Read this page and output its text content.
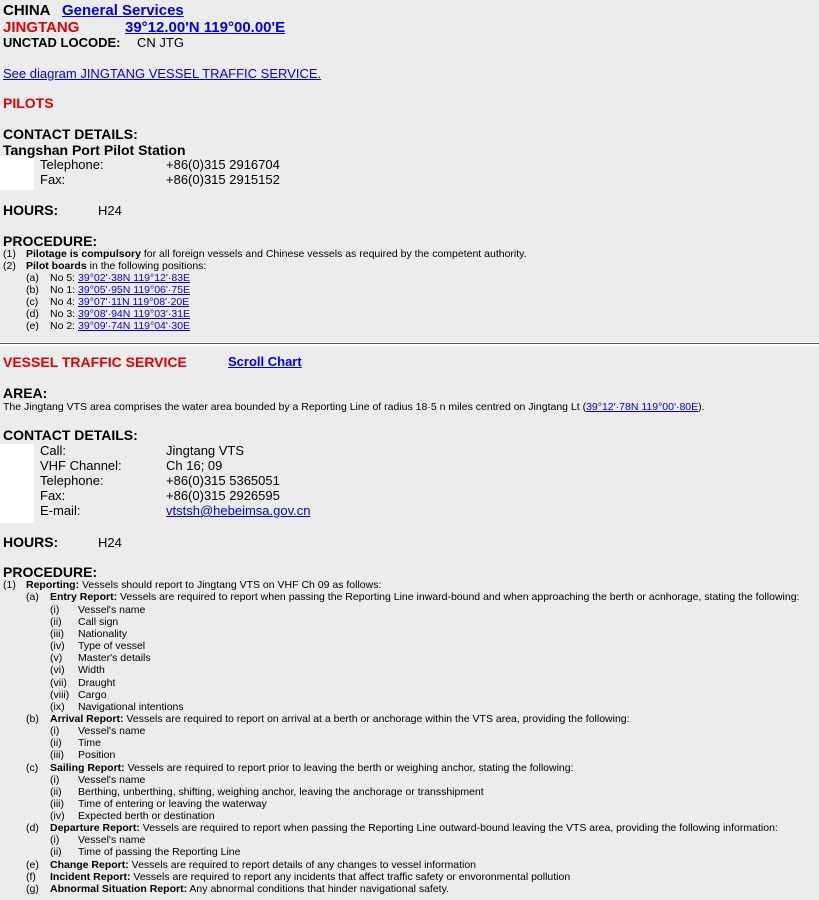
CHINA General Services
JINGTANG	39°12.00'N 119°00.00'E
UNCTAD LOCODE: CN JTG
See diagram JINGTANG VESSEL TRAFFIC SERVICE.
PILOTS
CONTACT DETAILS:
Tangshan Port Pilot Station
Telephone:	+86(0)315 2916704
Fax:	+86(0)315 2915152
HOURS:	H24
PROCEDURE:
(1) Pilotage is compulsory for all foreign vessels and Chinese vessels as required by the competent authority.
(2) Pilot boards in the following positions:
(a) No 5: 39°02'·38N 119°12'·83E
(b) No 1: 39°05'·95N 119°06'·75E
(c) No 4: 39°07'·11N 119°08'·20E
(d) No 3: 39°08'·94N 119°03'·31E
(e) No 2: 39°09'·74N 119°04'·30E
VESSEL TRAFFIC SERVICE	Scroll Chart
AREA:
The Jingtang VTS area comprises the water area bounded by a Reporting Line of radius 18·5 n miles centred on Jingtang Lt (39°12'·78N 119°00'·80E).
CONTACT DETAILS:
Call:	Jingtang VTS
VHF Channel:	Ch 16; 09
Telephone:	+86(0)315 5365051
Fax:	+86(0)315 2926595
E-mail:	vtstsh@hebeimsa.gov.cn
HOURS:	H24
PROCEDURE:
(1) Reporting: Vessels should report to Jingtang VTS on VHF Ch 09 as follows:
(a) Entry Report: Vessels are required to report when passing the Reporting Line inward-bound and when approaching the berth or acnhorage, stating the following:
(i) Vessel's name
(ii) Call sign
(iii) Nationality
(iv) Type of vessel
(v) Master's details
(vi) Width
(vii) Draught
(viii) Cargo
(ix) Navigational intentions
(b) Arrival Report: Vessels are required to report on arrival at a berth or anchorage within the VTS area, providing the following:
(i) Vessel's name
(ii) Time
(iii) Position
(c) Sailing Report: Vessels are required to report prior to leaving the berth or weighing anchor, stating the following:
(i) Vessel's name
(ii) Berthing, unberthing, shifting, weighing anchor, leaving the anchorage or transshipment
(iii) Time of entering or leaving the waterway
(iv) Expected berth or destination
(d) Departure Report: Vessels are required to report when passing the Reporting Line outward-bound leaving the VTS area, providing the following information:
(i) Vessel's name
(ii) Time of passing the Reporting Line
(e) Change Report: Vessels are required to report details of any changes to vessel information
(f) Incident Report: Vessels are required to report any incidents that affect traffic safety or envoronmental pollution
(g) Abnormal Situation Report: Any abnormal conditions that hinder navigational safety.
